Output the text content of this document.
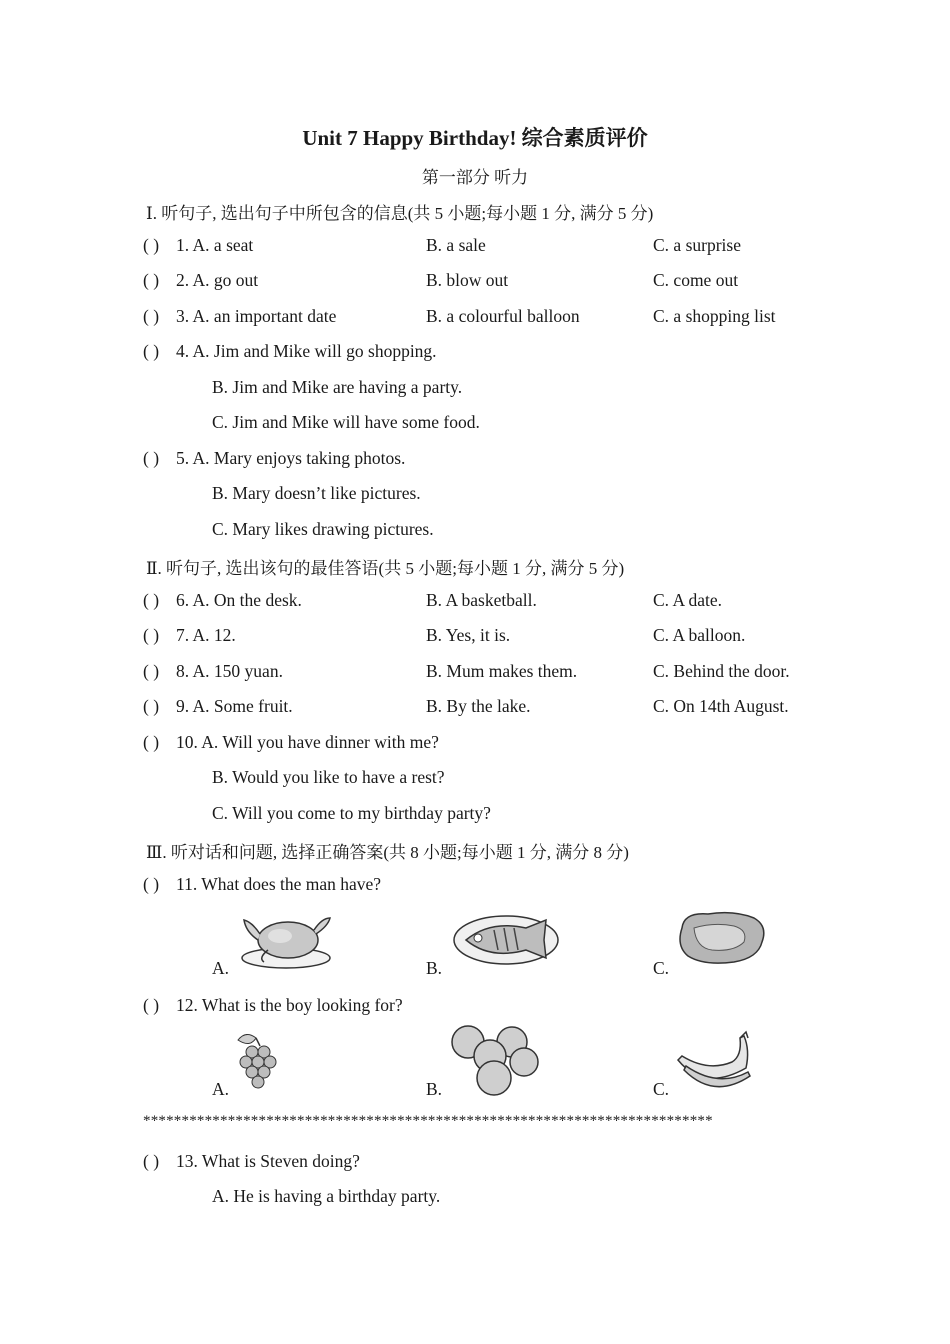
Unit 7 Happy Birthday! 综合素质评价
第一部分 听力
Ⅰ. 听句子, 选出句子中所包含的信息(共 5 小题;每小题 1 分, 满分 5 分)
( ) 1. A. a seat	B. a sale	C. a surprise
( ) 2. A. go out	B. blow out	C. come out
( ) 3. A. an important date	B. a colourful balloon	C. a shopping list
( ) 4. A. Jim and Mike will go shopping.
B. Jim and Mike are having a party.
C. Jim and Mike will have some food.
( ) 5. A. Mary enjoys taking photos.
B. Mary doesn’t like pictures.
C. Mary likes drawing pictures.
Ⅱ. 听句子, 选出该句的最佳答语(共 5 小题;每小题 1 分, 满分 5 分)
( ) 6. A. On the desk.	B. A basketball.	C. A date.
( ) 7. A. 12.	B. Yes, it is.	C. A balloon.
( ) 8. A. 150 yuan.	B. Mum makes them.	C. Behind the door.
( ) 9. A. Some fruit.	B. By the lake.	C. On 14th August.
( ) 10. A. Will you have dinner with me?
B. Would you like to have a rest?
C. Will you come to my birthday party?
Ⅲ. 听对话和问题, 选择正确答案(共 8 小题;每小题 1 分, 满分 8 分)
( ) 11. What does the man have?
A.	B.	C.
( ) 12. What is the boy looking for?
A.	B.	C.
**************************************************************************
( ) 13. What is Steven doing?
A. He is having a birthday party.
